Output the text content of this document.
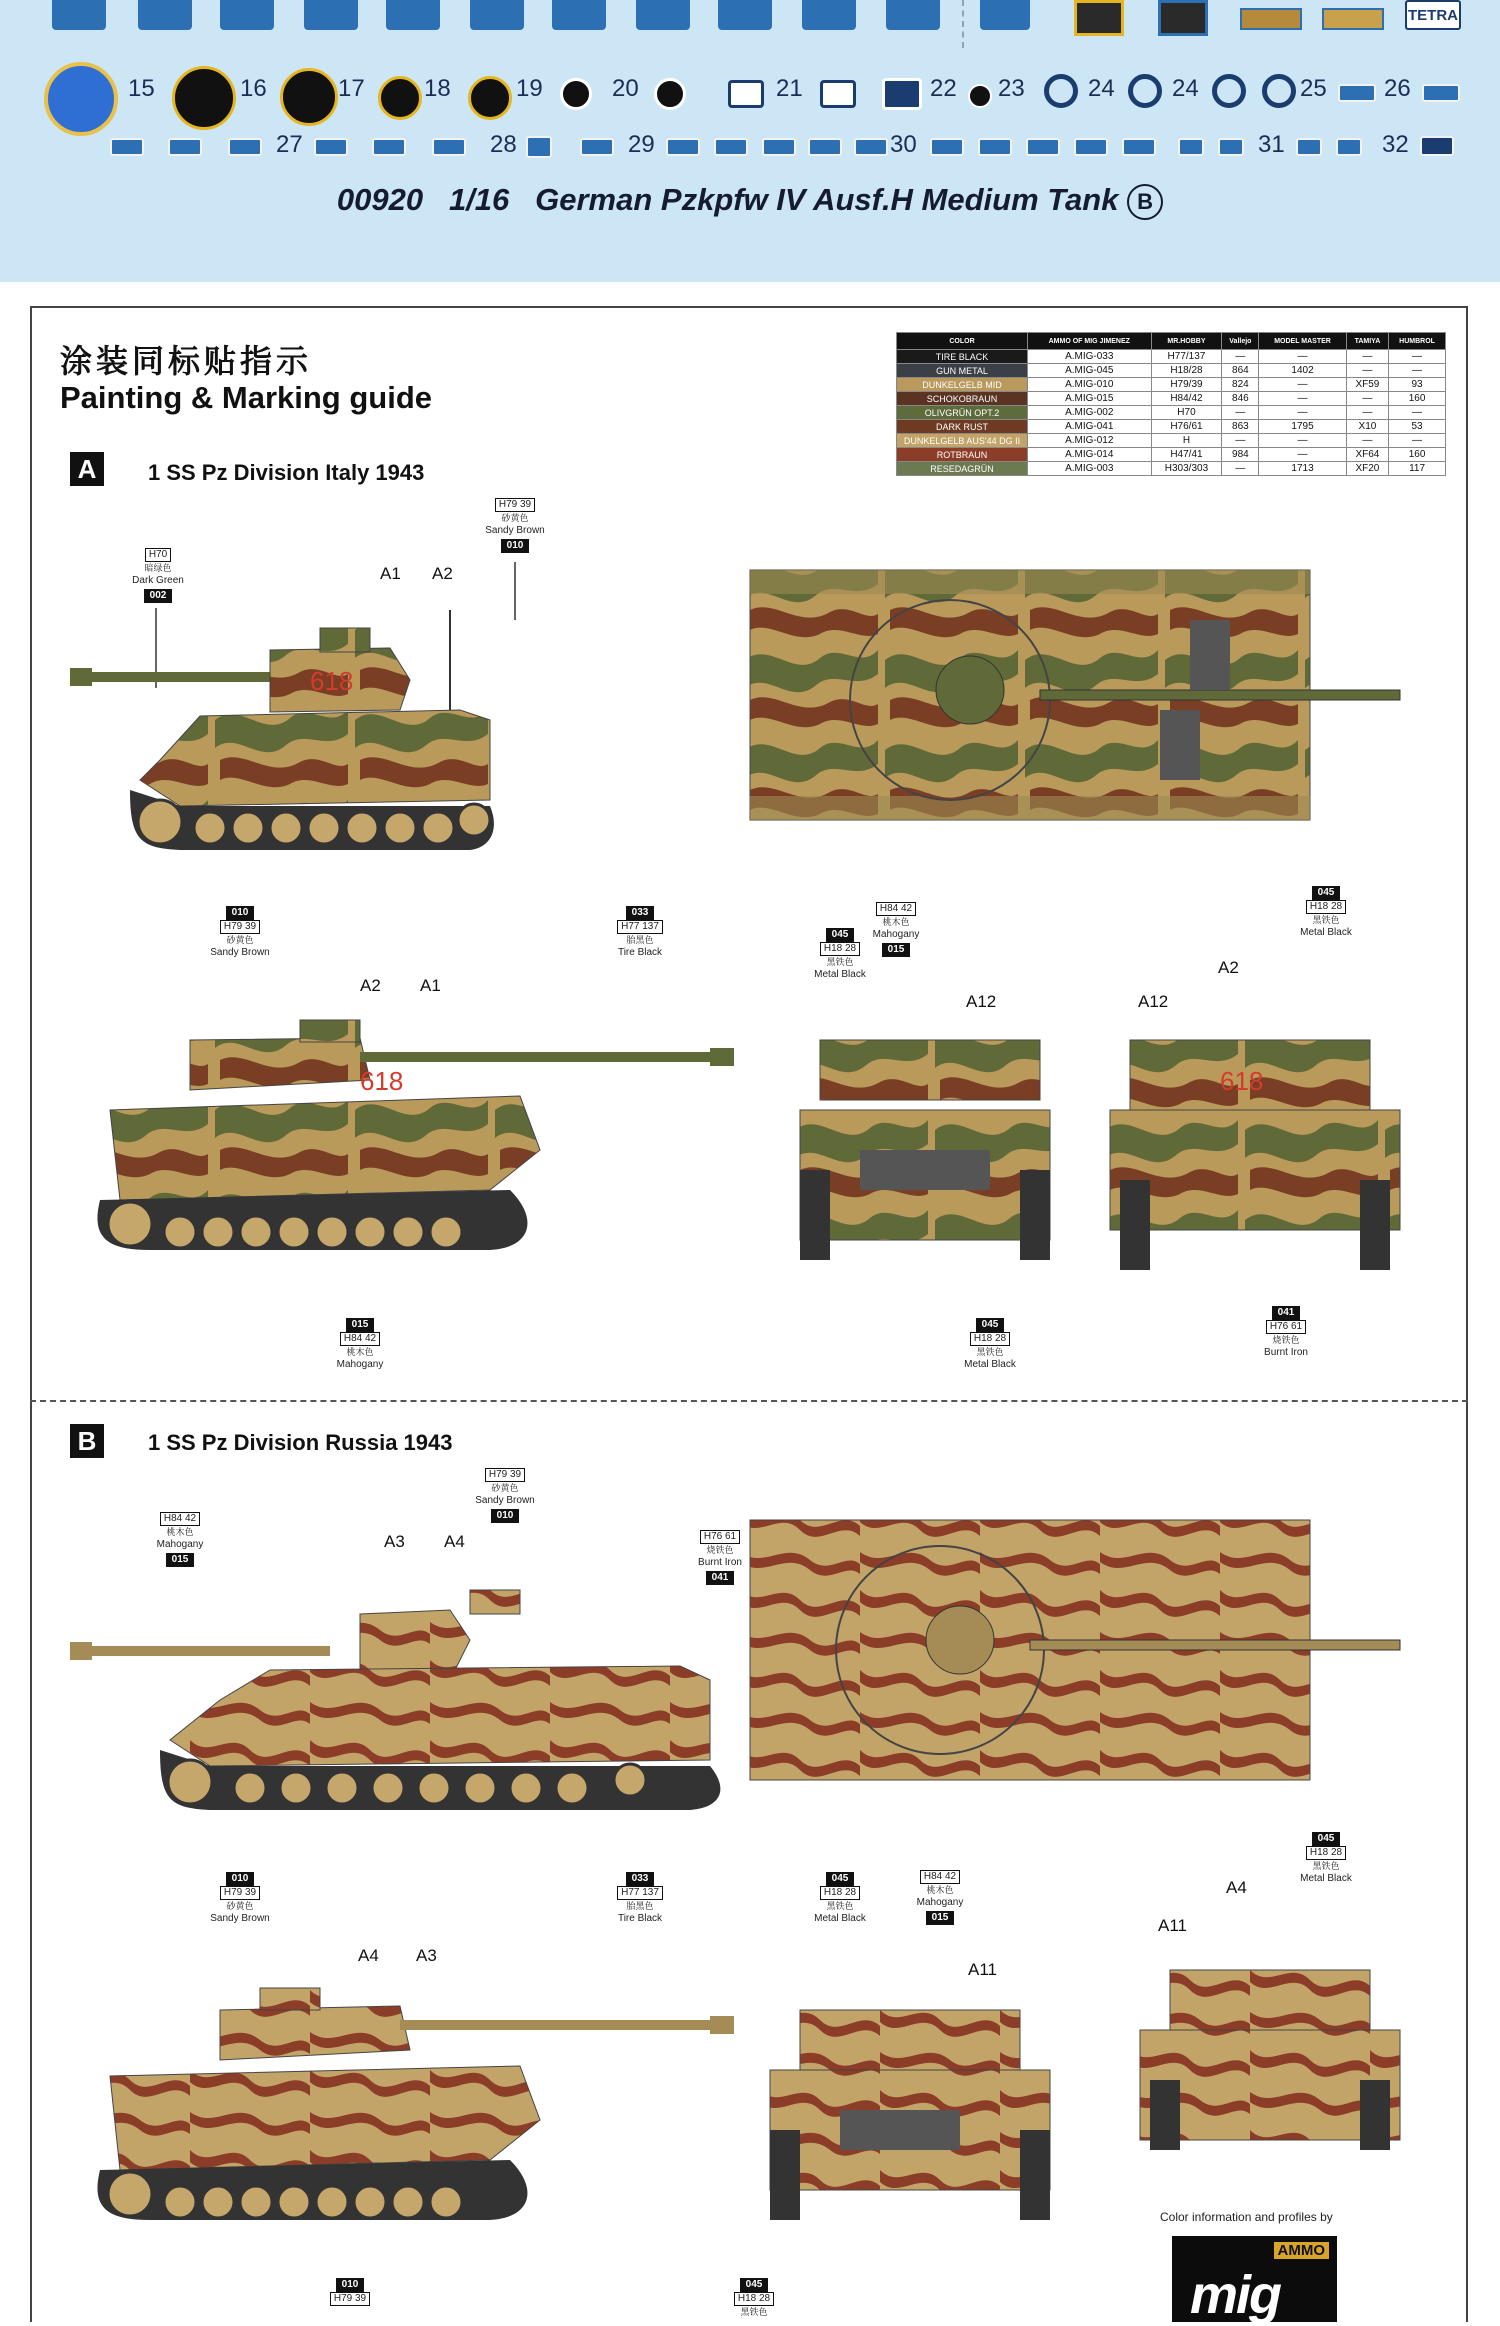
TETRA
15	16	17 18	19	20	21	22 23	24 24	25 26
27	28	29	30	31	32
00920 1/16 German Pzkpfw IV Ausf.H Medium Tank B
涂装同标贴指示
Painting & Marking guide
COLOR	AMMO OF MIG JIMENEZ	MR.HOBBY	Vallejo	MODEL MASTER	TAMIYA	HUMBROL
TIRE BLACK	A.MIG-033	H77/137	—	—	—	—
GUN METAL	A.MIG-045	H18/28	864	1402	—	—
DUNKELGELB MID	A.MIG-010	H79/39	824	—	XF59	93
SCHOKOBRAUN	A.MIG-015	H84/42	846	—	—	160
OLIVGRÜN OPT.2	A.MIG-002	H70	—	—	—	—
DARK RUST	A.MIG-041	H76/61	863	1795	X10	53
DUNKELGELB AUS'44 DG II	A.MIG-012	H	—	—	—	—
ROTBRAUN	A.MIG-014	H47/41	984	—	XF64	160
RESEDAGRÜN	A.MIG-003	H303/303	—	1713	XF20	117
A	1 SS Pz Division Italy 1943
H70
暗绿色
Dark Green
002
H79 39
砂黄色
Sandy Brown
010
A1 A2
618
010
H79 39
砂黄色
Sandy Brown
033
H77 137
胎黑色
Tire Black
045
H18 28
黑铁色
Metal Black
H84 42
桃木色
Mahogany
015
045
H18 28
黑铁色
Metal Black
A2 A1
A12	A12
A2
618	618
015
H84 42
桃木色
Mahogany
045
H18 28
黑铁色
Metal Black
041
H76 61
烧铁色
Burnt Iron
B	1 SS Pz Division Russia 1943
H84 42
桃木色
Mahogany
015
H79 39
砂黄色
Sandy Brown
010
H76 61
烧铁色
Burnt Iron
041
A3 A4
010
H79 39
砂黄色
Sandy Brown
033
H77 137
胎黑色
Tire Black
045
H18 28
黑铁色
Metal Black
H84 42
桃木色
Mahogany
015
045
H18 28
黑铁色
Metal Black
A4 A3
A11
A4
A11
010
H79 39
045
H18 28
黑铁色
Color information and profiles by
AMMO
mig
